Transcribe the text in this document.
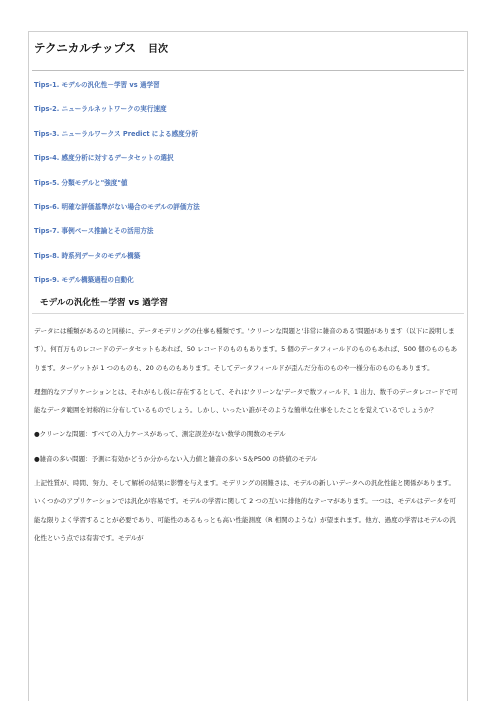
テクニカルチップス 目次
Tips-1. モデルの汎化性－学習 vs 過学習
Tips-2. ニューラルネットワークの実行速度
Tips-3. ニューラルワークス Predict による感度分析
Tips-4. 感度分析に対するデータセットの選択
Tips-5. 分類モデルと"強度"値
Tips-6. 明確な評価基準がない場合のモデルの評価方法
Tips-7. 事例ベース推論とその活用方法
Tips-8. 時系列データのモデル構築
Tips-9. モデル構築過程の自動化
モデルの汎化性－学習 vs 過学習

データには種類があるのと同様に、データモデリングの仕事も種類です。'クリーンな問題と'非常に雑音のある'問題があります（以下に説明します）。何百万ものレコードのデータセットもあれば、50 レコードのものもあります。5 個のデータフィールドのものもあれば、500 個のものもあります。ターゲットが 1 つのものも、20 のものもあります。そしてデータフィールドが歪んだ分布のものや一様分布のものもあります。

理想的なアプリケーションとは、それがもし仮に存在するとして、それは'クリーンな'データで数フィールド、1 出力、数千のデータレコードで可能なデータ範囲を対称的に分布しているものでしょう。しかし、いったい誰がそのような簡単な仕事をしたことを覚えているでしょうか？

●クリーンな問題：すべての入力ケースがあって、測定誤差がない数学の関数のモデル

●雑音の多い問題：予測に有効かどうか分からない入力値と雑音の多い S＆P500 の終値のモデル

上記性質が、時間、努力、そして解析の結果に影響を与えます。モデリングの困難さは、モデルの新しいデータへの汎化性能と関係があります。 いくつかのアプリケーションでは汎化が容易です。モデルの学習に関して 2 つの互いに排他的なテーマがあります。一つは、モデルはデータを可能な限りよく学習することが必要であり、可能性のあるもっとも高い性能測度（R 相関のような）が望まれます。他方、過度の学習はモデルの汎化性という点では有害です。モデルが
